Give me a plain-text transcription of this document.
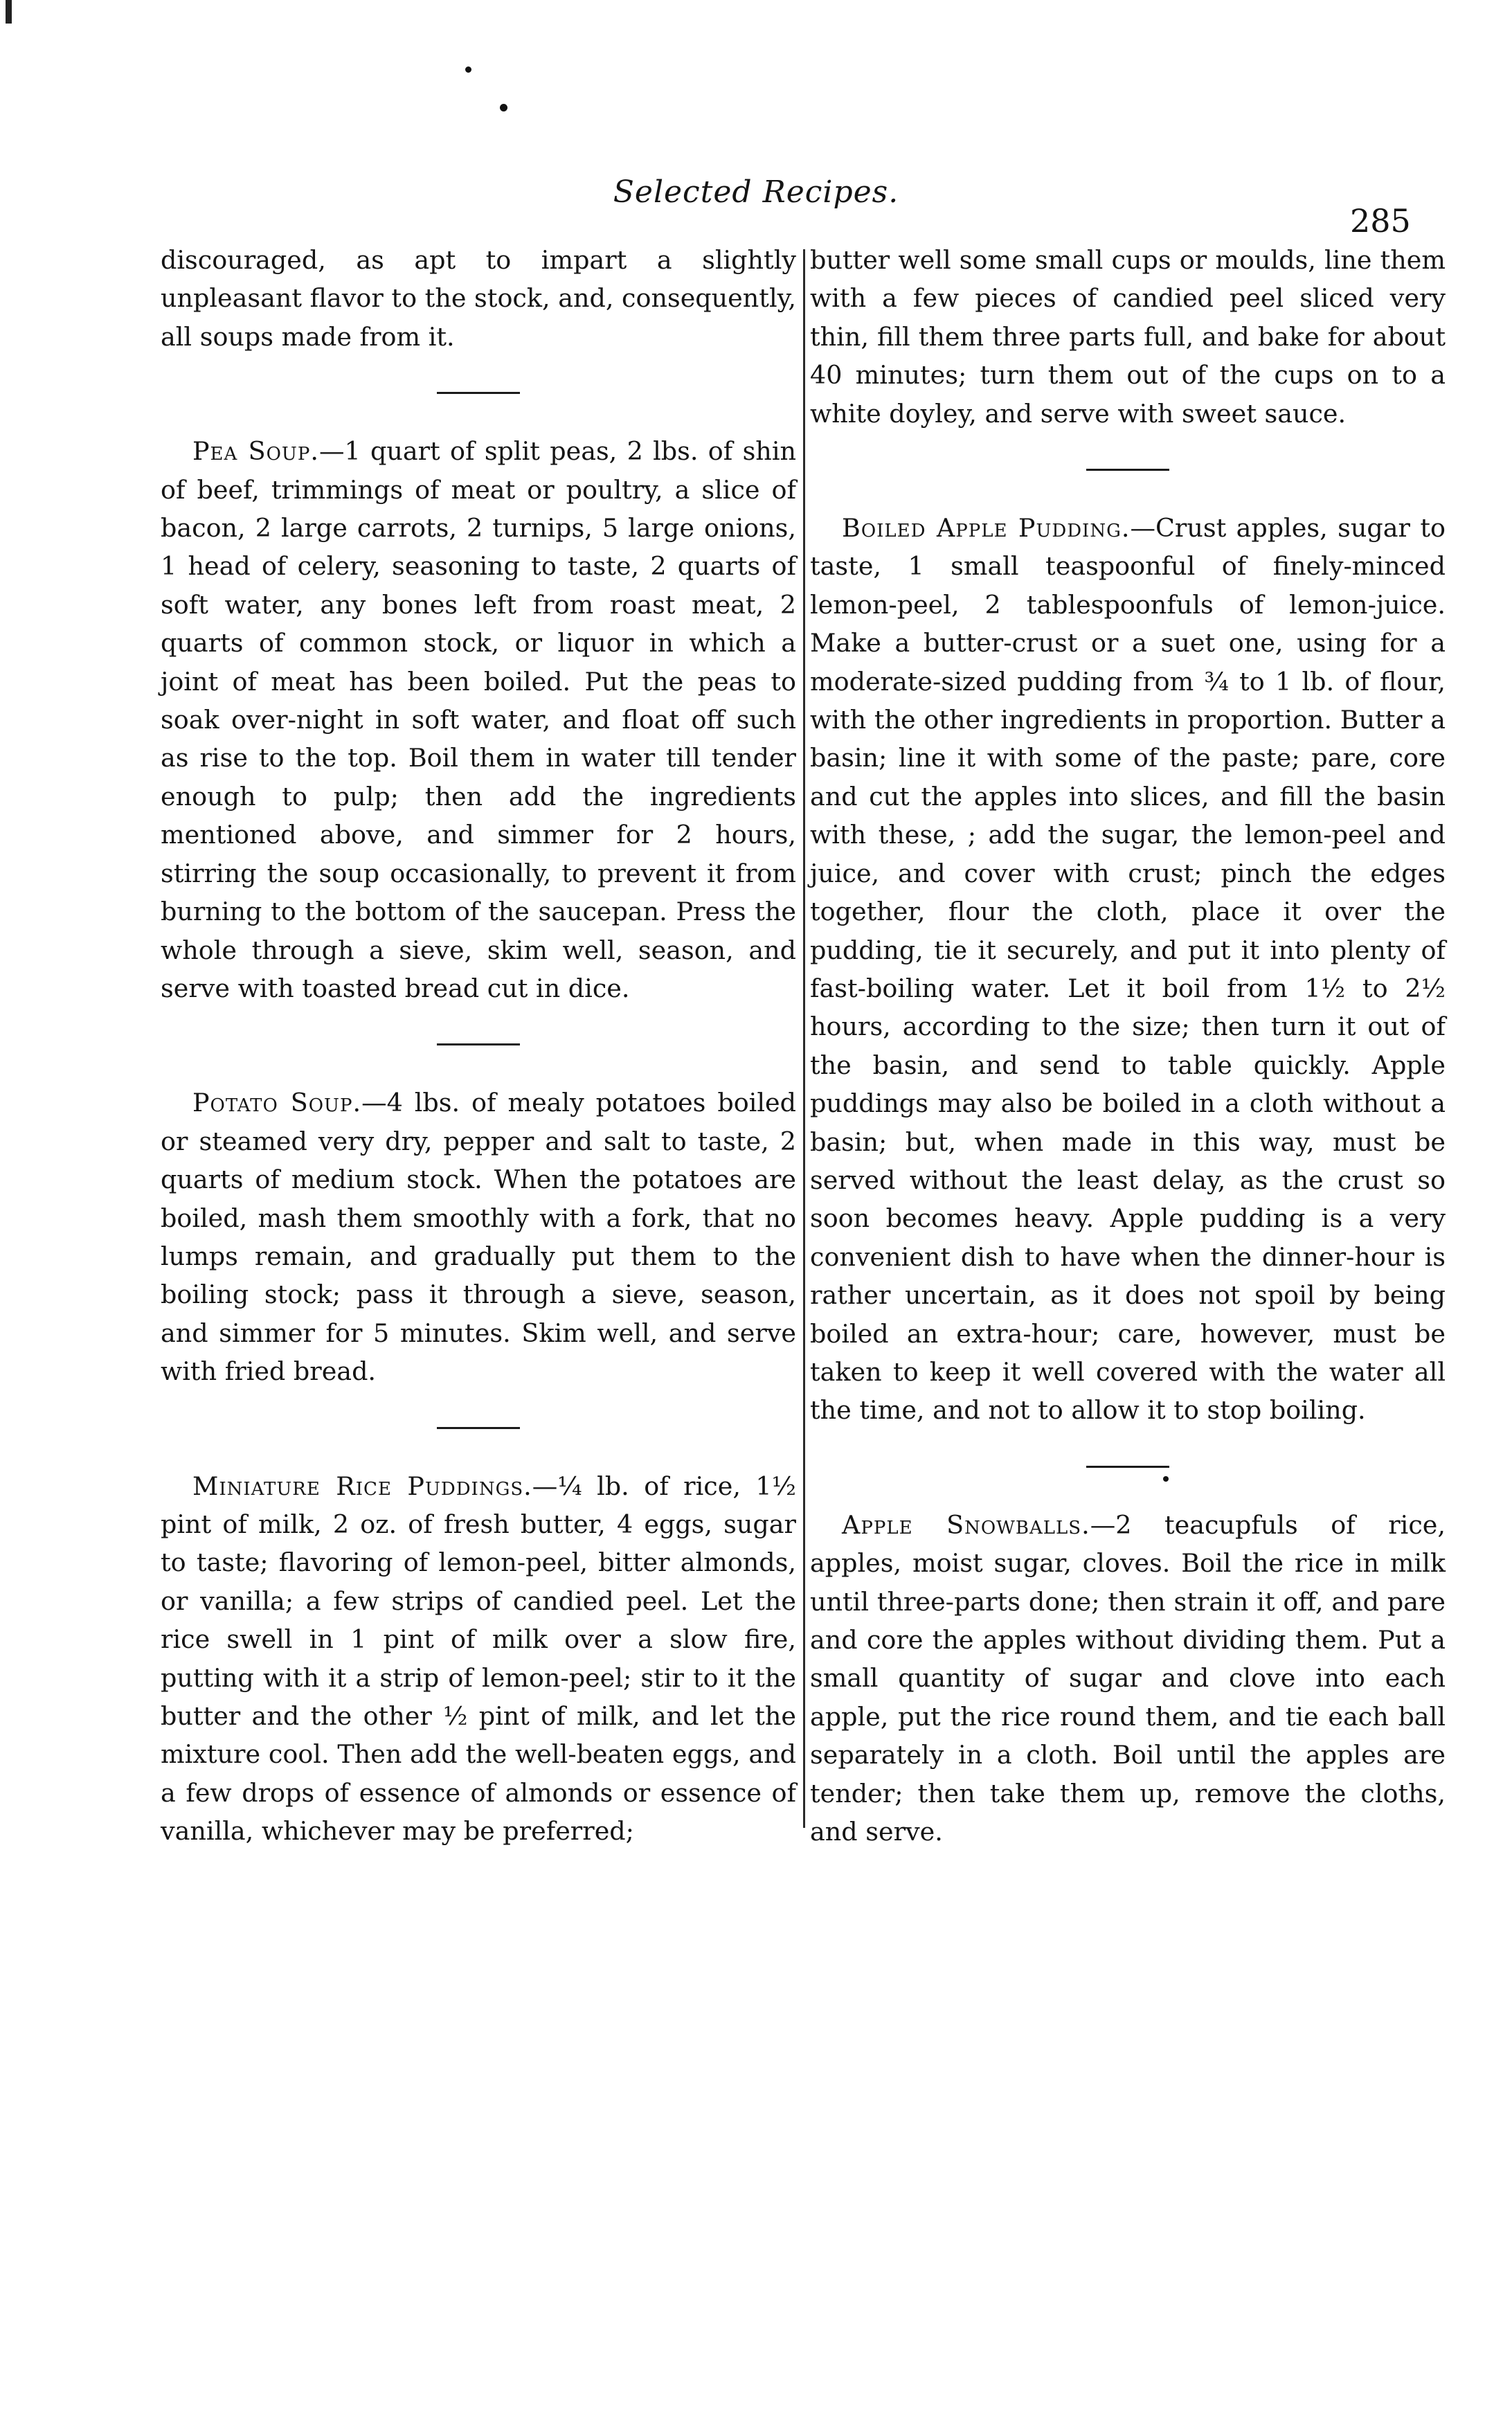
Selected Recipes.
285

discouraged, as apt to impart a slightly unpleasant flavor to the stock, and, consequently, all soups made from it.

Pea Soup.—1 quart of split peas, 2 lbs. of shin of beef, trimmings of meat or poultry, a slice of bacon, 2 large carrots, 2 turnips, 5 large onions, 1 head of celery, seasoning to taste, 2 quarts of soft water, any bones left from roast meat, 2 quarts of common stock, or liquor in which a joint of meat has been boiled. Put the peas to soak over-night in soft water, and float off such as rise to the top. Boil them in water till tender enough to pulp; then add the ingredients mentioned above, and simmer for 2 hours, stirring the soup occasionally, to prevent it from burning to the bottom of the saucepan. Press the whole through a sieve, skim well, season, and serve with toasted bread cut in dice.

Potato Soup.—4 lbs. of mealy potatoes boiled or steamed very dry, pepper and salt to taste, 2 quarts of medium stock. When the potatoes are boiled, mash them smoothly with a fork, that no lumps remain, and gradually put them to the boiling stock; pass it through a sieve, season, and simmer for 5 minutes. Skim well, and serve with fried bread.

Miniature Rice Puddings.—¼ lb. of rice, 1½ pint of milk, 2 oz. of fresh butter, 4 eggs, sugar to taste; flavoring of lemon-peel, bitter almonds, or vanilla; a few strips of candied peel. Let the rice swell in 1 pint of milk over a slow fire, putting with it a strip of lemon-peel; stir to it the butter and the other ½ pint of milk, and let the mixture cool. Then add the well-beaten eggs, and a few drops of essence of almonds or essence of vanilla, whichever may be preferred;

butter well some small cups or moulds, line them with a few pieces of candied peel sliced very thin, fill them three parts full, and bake for about 40 minutes; turn them out of the cups on to a white doyley, and serve with sweet sauce.

Boiled Apple Pudding.—Crust apples, sugar to taste, 1 small teaspoonful of finely-minced lemon-peel, 2 tablespoonfuls of lemon-juice. Make a butter-crust or a suet one, using for a moderate-sized pudding from ¾ to 1 lb. of flour, with the other ingredients in proportion. Butter a basin; line it with some of the paste; pare, core and cut the apples into slices, and fill the basin with these, ; add the sugar, the lemon-peel and juice, and cover with crust; pinch the edges together, flour the cloth, place it over the pudding, tie it securely, and put it into plenty of fast-boiling water. Let it boil from 1½ to 2½ hours, according to the size; then turn it out of the basin, and send to table quickly. Apple puddings may also be boiled in a cloth without a basin; but, when made in this way, must be served without the least delay, as the crust so soon becomes heavy. Apple pudding is a very convenient dish to have when the dinner-hour is rather uncertain, as it does not spoil by being boiled an extra-hour; care, however, must be taken to keep it well covered with the water all the time, and not to allow it to stop boiling.

Apple Snowballs.—2 teacupfuls of rice, apples, moist sugar, cloves. Boil the rice in milk until three-parts done; then strain it off, and pare and core the apples without dividing them. Put a small quantity of sugar and clove into each apple, put the rice round them, and tie each ball separately in a cloth. Boil until the apples are tender; then take them up, remove the cloths, and serve.
